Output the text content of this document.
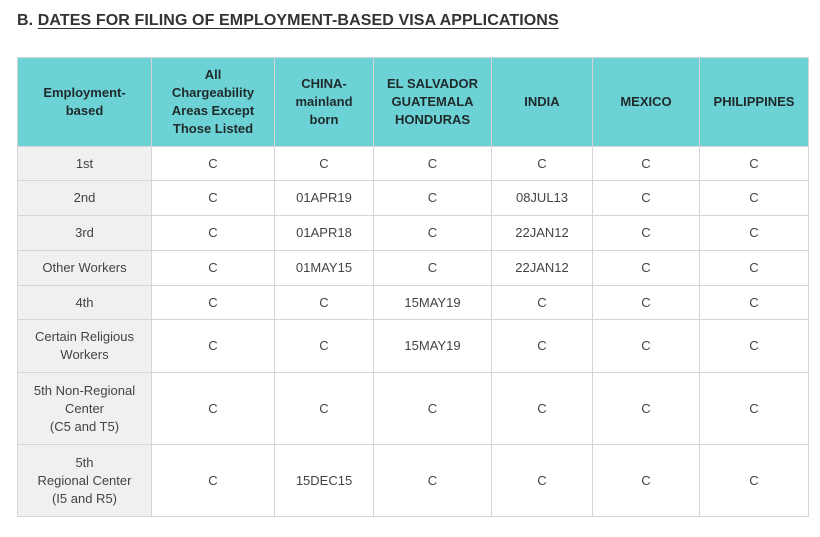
B. DATES FOR FILING OF EMPLOYMENT-BASED VISA APPLICATIONS
Employment-
based	All
Chargeability
Areas Except
Those Listed	CHINA-
mainland
born	EL SALVADOR
GUATEMALA
HONDURAS	INDIA	MEXICO	PHILIPPINES
1st	C	C	C	C	C	C
2nd	C	01APR19	C	08JUL13	C	C
3rd	C	01APR18	C	22JAN12	C	C
Other Workers	C	01MAY15	C	22JAN12	C	C
4th	C	C	15MAY19	C	C	C
Certain Religious
Workers	C	C	15MAY19	C	C	C
5th Non-Regional
Center
(C5 and T5)	C	C	C	C	C	C
5th
Regional Center
(I5 and R5)	C	15DEC15	C	C	C	C
